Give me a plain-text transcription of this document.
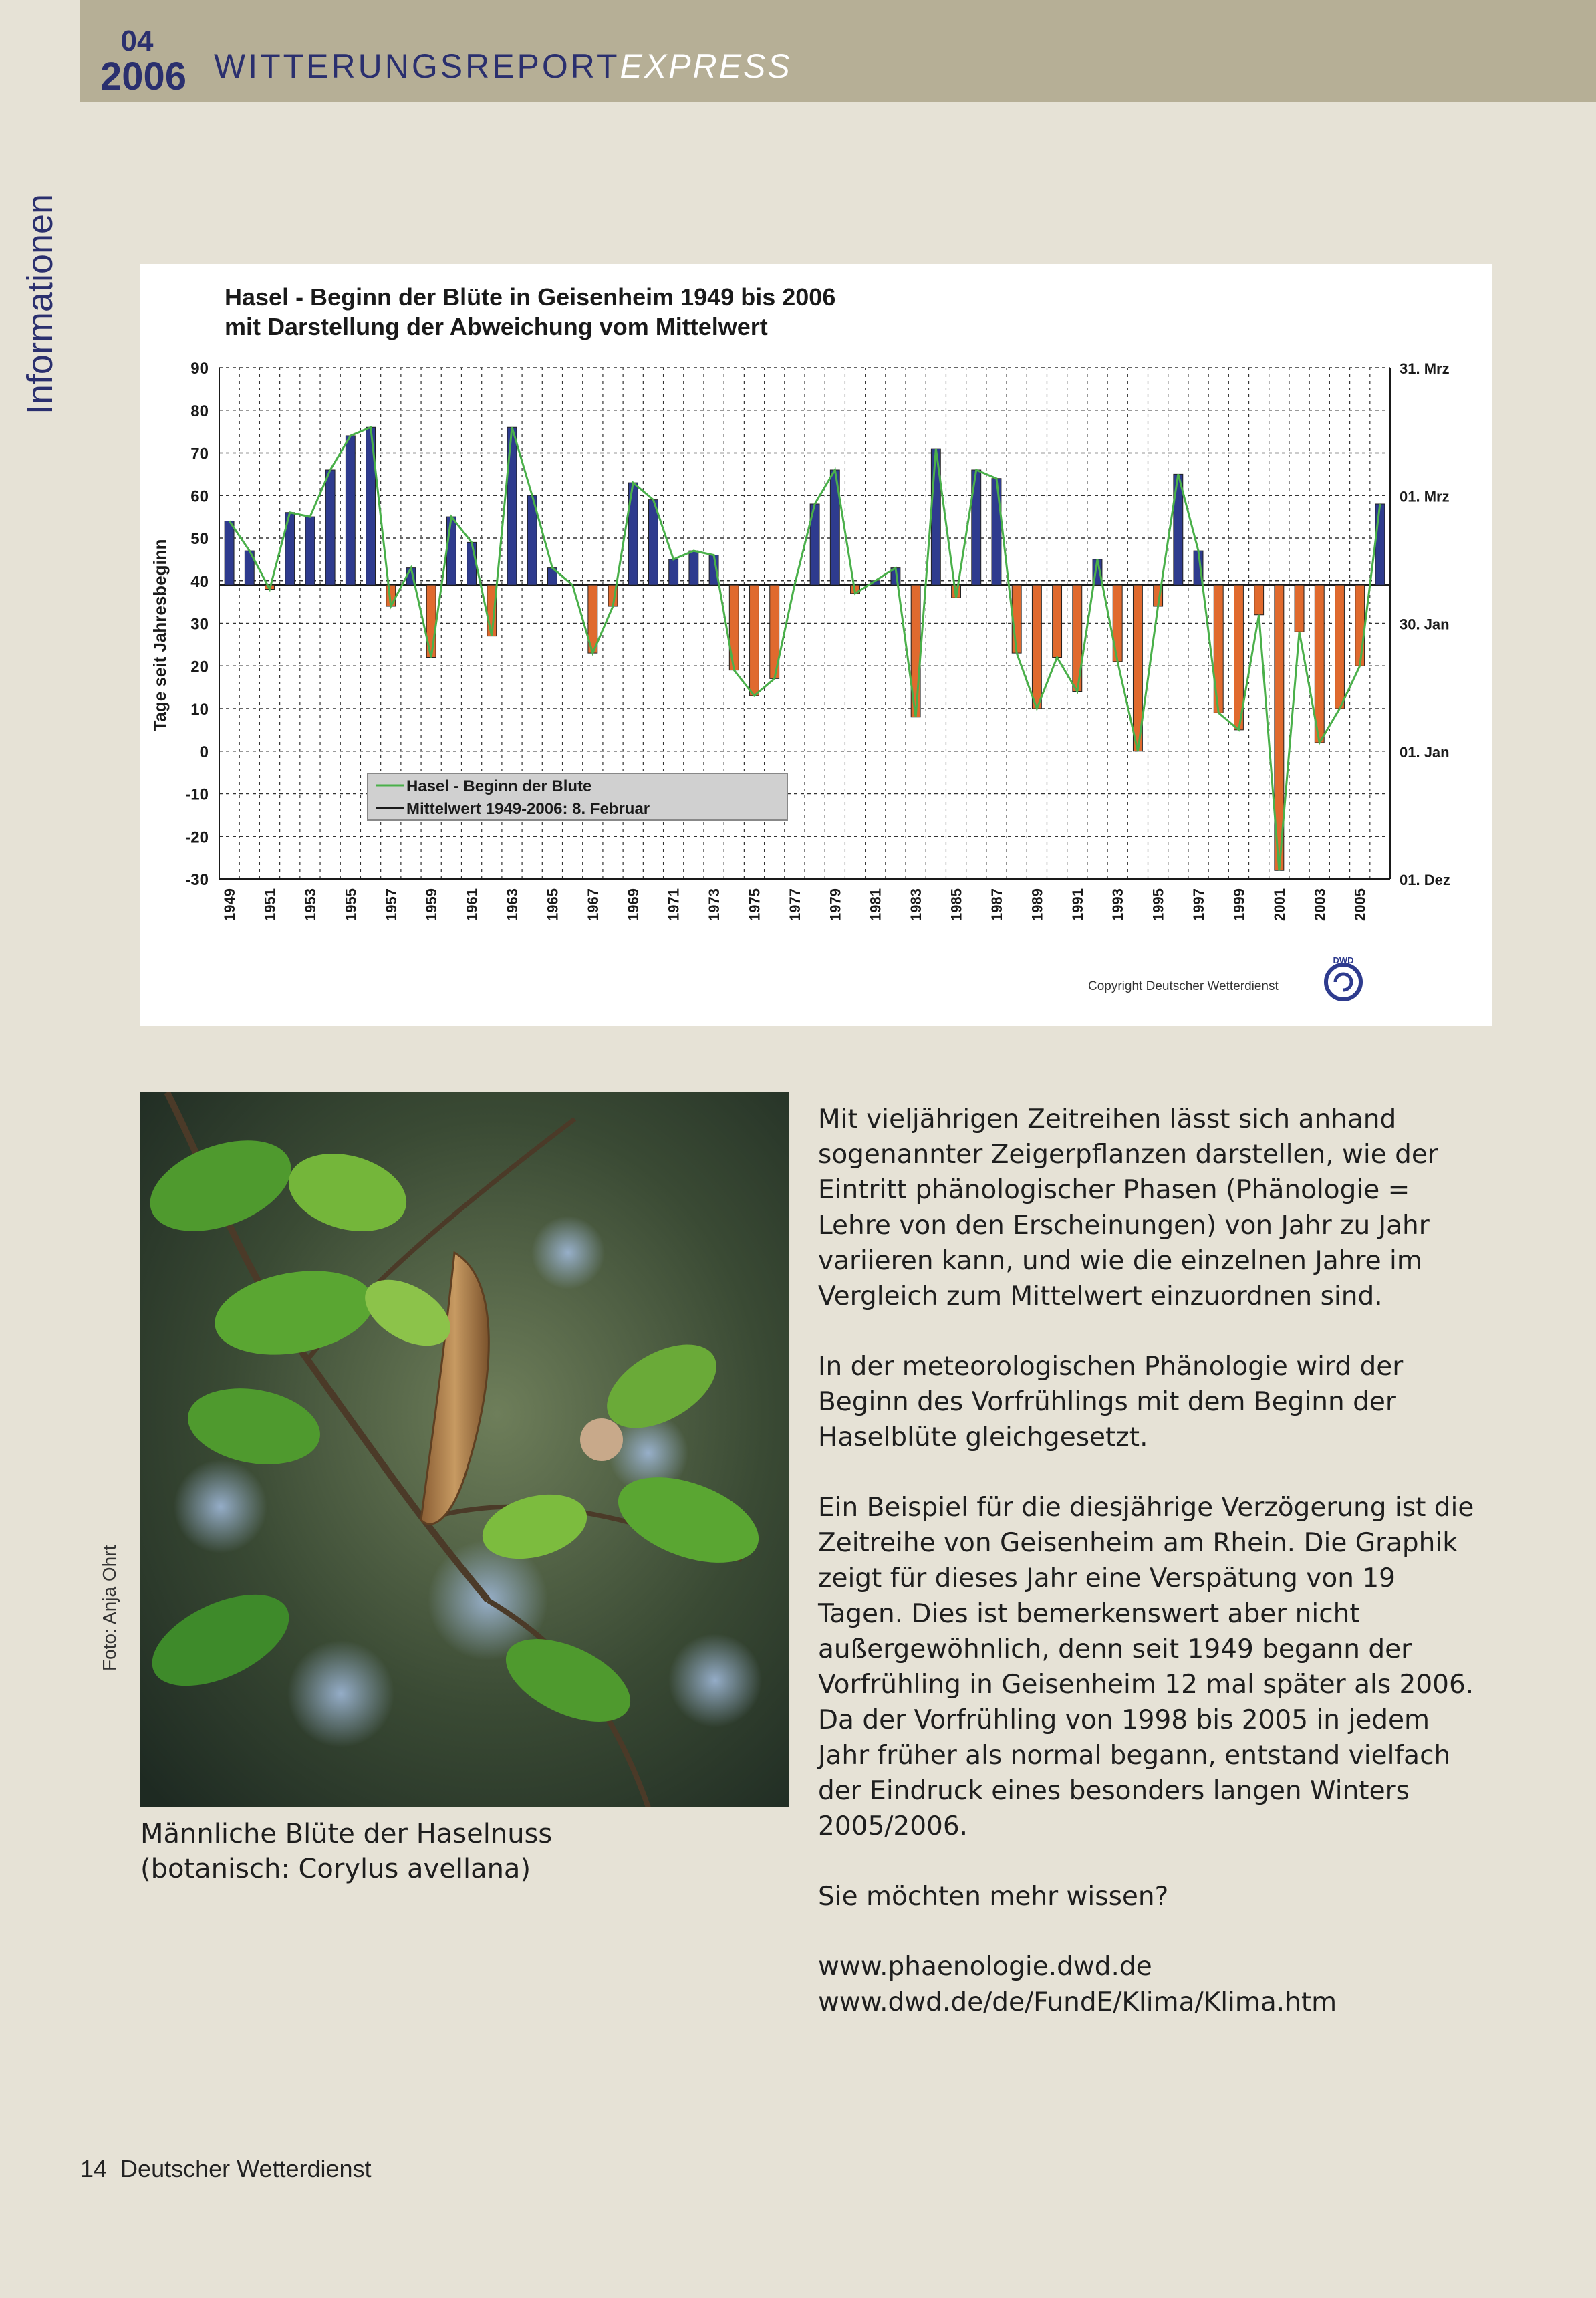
04
2006 WITTERUNGSREPORTEXPRESS
Informationen	Hasel - Beginn der Blüte in Geisenheim 1949 bis 2006
mit Darstellung der Abweichung vom Mittelwert
90
80
70
60
50
40
30
20
10
0
-10
-20
-30
31. Mrz
01. Mrz
30. Jan
01. Jan
01. Dez
1949 1951 1953 1955 1957 1959 1961 1963 1965 1967 1969 1971 1973 1975 1977 1979 1981 1983 1985 1987 1989 1991 1993 1995 1997 1999 2001 2003 2005
Tage seit Jahresbeginn
Hasel - Beginn der Blute
Mittelwert 1949-2006: 8. Februar
Copyright Deutscher Wetterdienst
DWD
Foto: Anja Ohrt
Männliche Blüte der Haselnuss
(botanisch: Corylus avellana)

Mit vieljährigen Zeitreihen lässt sich anhand sogenannter Zeigerpflanzen darstellen, wie der Eintritt phänologischer Phasen (Phänologie = Lehre von den Erscheinungen) von Jahr zu Jahr variieren kann, und wie die einzelnen Jahre im Vergleich zum Mittelwert einzuordnen sind.

In der meteorologischen Phänologie wird der Beginn des Vorfrühlings mit dem Beginn der Haselblüte gleichgesetzt.

Ein Beispiel für die diesjährige Verzögerung ist die Zeitreihe von Geisenheim am Rhein. Die Graphik zeigt für dieses Jahr eine Verspätung von 19 Tagen. Dies ist bemerkenswert aber nicht außergewöhnlich, denn seit 1949 begann der Vorfrühling in Geisenheim 12 mal später als 2006. Da der Vorfrühling von 1998 bis 2005 in jedem Jahr früher als normal begann, entstand vielfach der Eindruck eines besonders langen Winters 2005/2006.

Sie möchten mehr wissen?

www.phaenologie.dwd.de
www.dwd.de/de/FundE/Klima/Klima.htm
14 Deutscher Wetterdienst
